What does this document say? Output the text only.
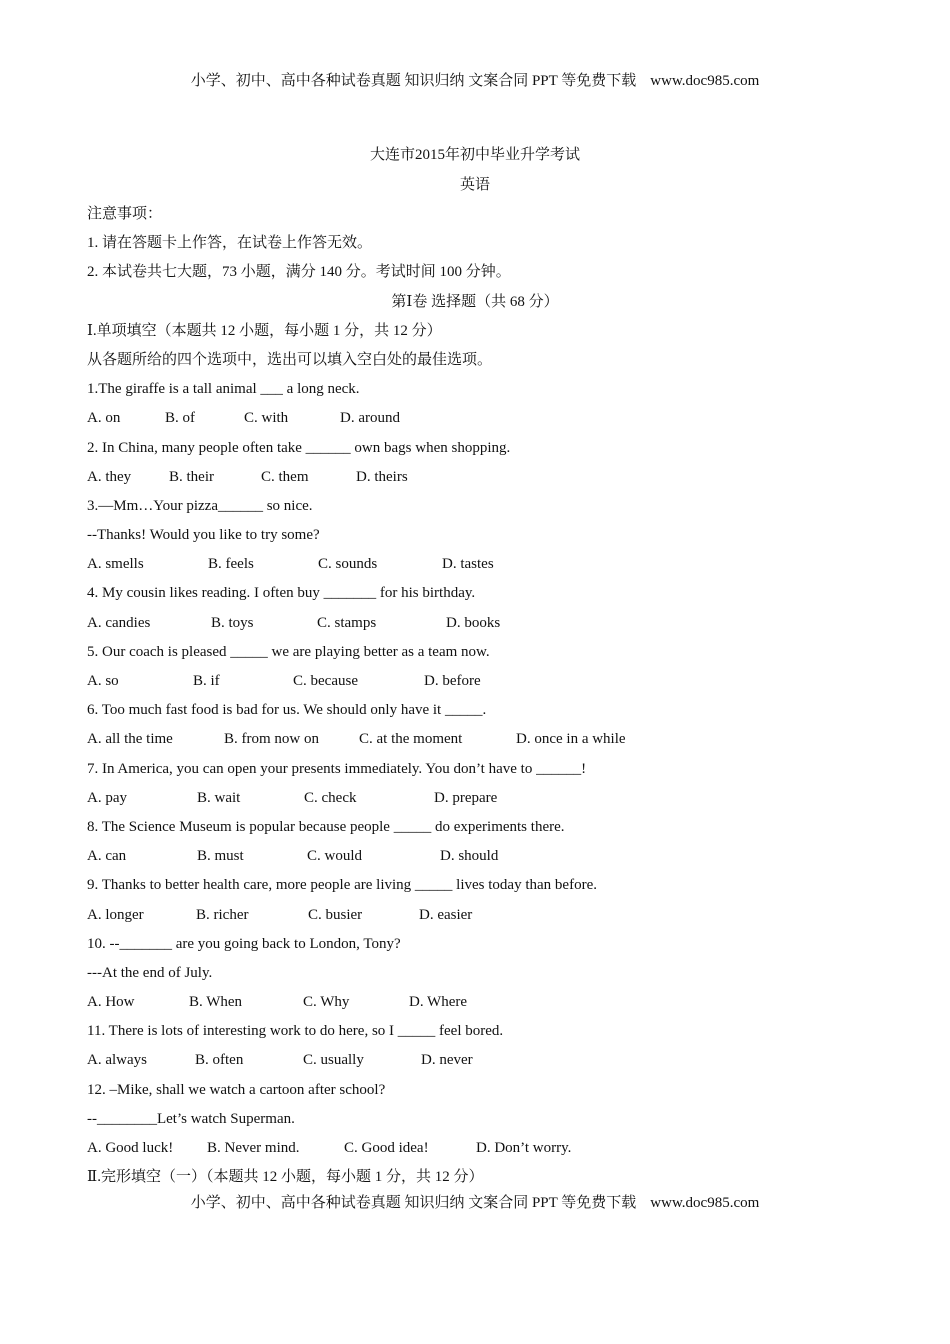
小学、初中、高中各种试卷真题 知识归纳 文案合同 PPT 等免费下载 www.doc985.com
大连市2015年初中毕业升学考试
英语
注意事项：
1. 请在答题卡上作答，在试卷上作答无效。
2. 本试卷共七大题，73 小题，满分 140 分。考试时间 100 分钟。
第Ⅰ卷 选择题（共 68 分）
Ⅰ.单项填空（本题共 12 小题，每小题 1 分，共 12 分）
从各题所给的四个选项中，选出可以填入空白处的最佳选项。
1.The giraffe is a tall animal ___ a long neck.
A. on	B. of	C. with	D. around
2. In China, many people often take ______ own bags when shopping.
A. they	B. their	C. them	D. theirs
3.—Mm…Your pizza______ so nice.
--Thanks! Would you like to try some?
A. smells	B. feels	C. sounds	D. tastes
4. My cousin likes reading. I often buy _______ for his birthday.
A. candies	B. toys	C. stamps	D. books
5. Our coach is pleased _____ we are playing better as a team now.
A. so	B. if	C. because	D. before
6. Too much fast food is bad for us. We should only have it _____.
A. all the time	B. from now on	C. at the moment	D. once in a while
7. In America, you can open your presents immediately. You don’t have to ______!
A. pay	B. wait	C. check	D. prepare
8. The Science Museum is popular because people _____ do experiments there.
A. can	B. must	C. would	D. should
9. Thanks to better health care, more people are living _____ lives today than before.
A. longer	B. richer	C. busier	D. easier
10. --_______ are you going back to London, Tony?
---At the end of July.
A. How	B. When	C. Why	D. Where
11. There is lots of interesting work to do here, so I _____ feel bored.
A. always	B. often	C. usually	D. never
12. –Mike, shall we watch a cartoon after school?
--________Let’s watch Superman.
A. Good luck! B. Never mind.	C. Good idea!	D. Don’t worry.
Ⅱ.完形填空（一）（本题共 12 小题，每小题 1 分，共 12 分）
小学、初中、高中各种试卷真题 知识归纳 文案合同 PPT 等免费下载 www.doc985.com
